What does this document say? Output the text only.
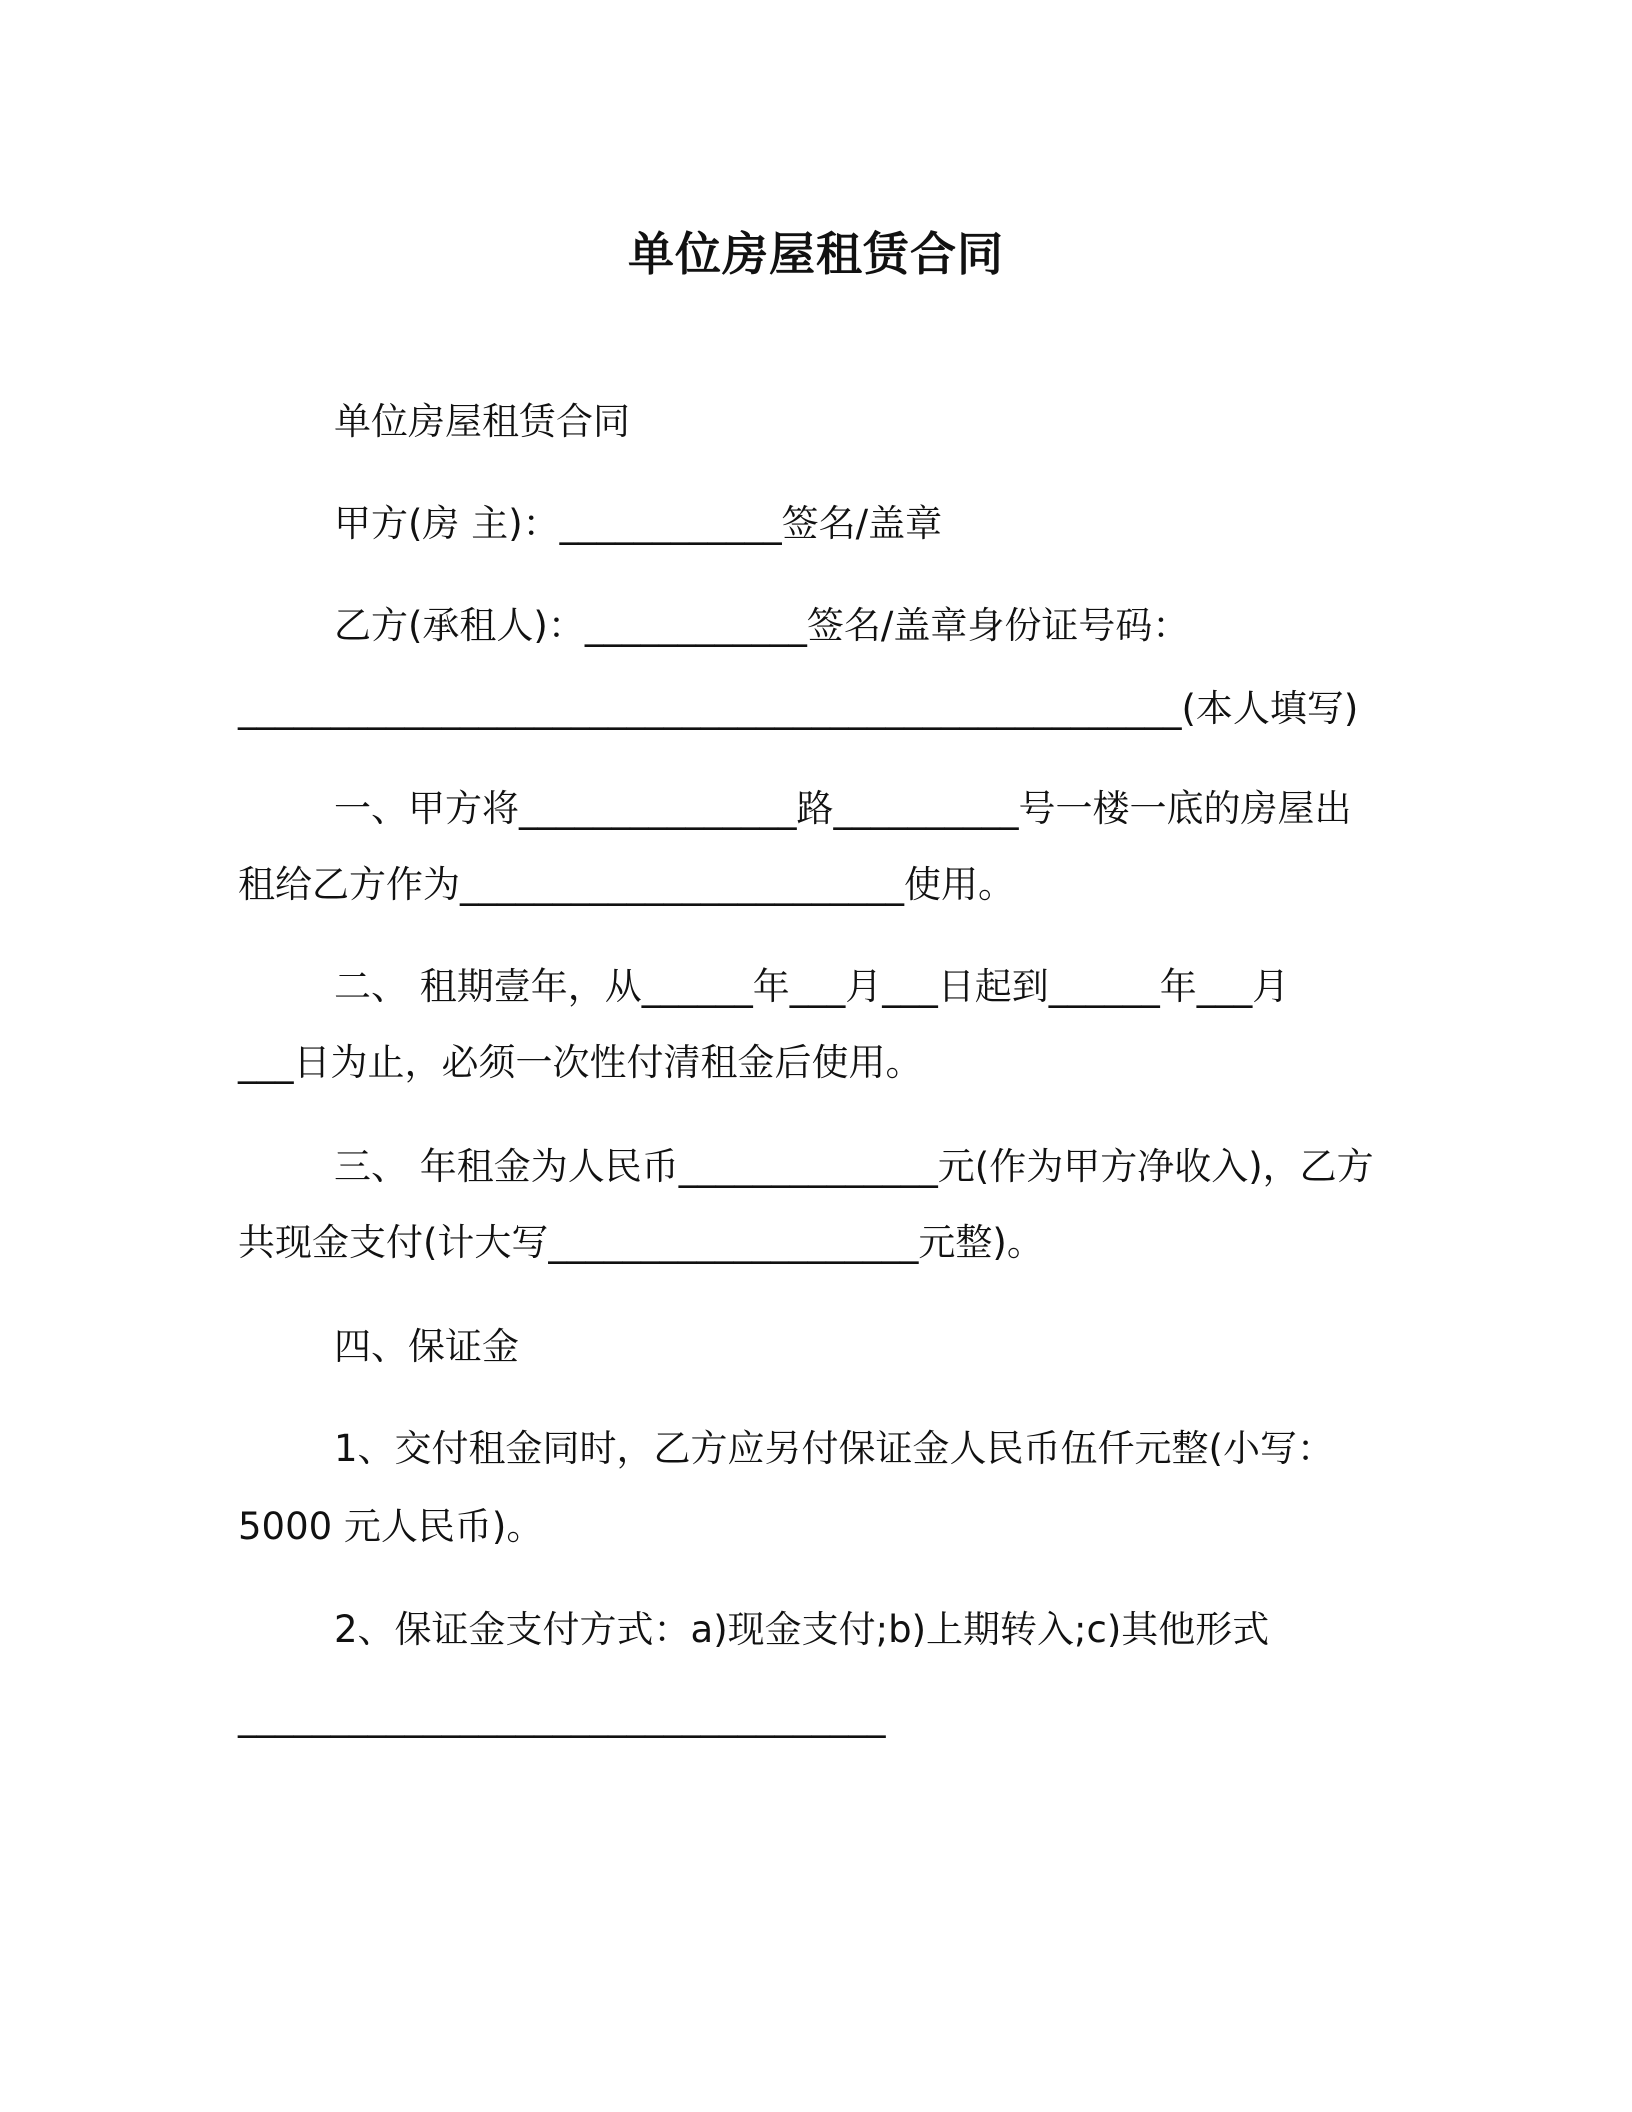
单位房屋租赁合同

单位房屋租赁合同

甲方(房 主)：____________签名/盖章

乙方(承租人)：____________签名/盖章身份证号码：

___________________________________________________(本人填写)

一、甲方将_______________路__________号一楼一底的房屋出

租给乙方作为________________________使用。

二、 租期壹年，从______年___月___日起到______年___月

___日为止，必须一次性付清租金后使用。

三、 年租金为人民币______________元(作为甲方净收入)，乙方

共现金支付(计大写____________________元整)。

四、保证金

1、交付租金同时，乙方应另付保证金人民币伍仟元整(小写：

5000 元人民币)。

2、保证金支付方式：a)现金支付;b)上期转入;c)其他形式

___________________________________
